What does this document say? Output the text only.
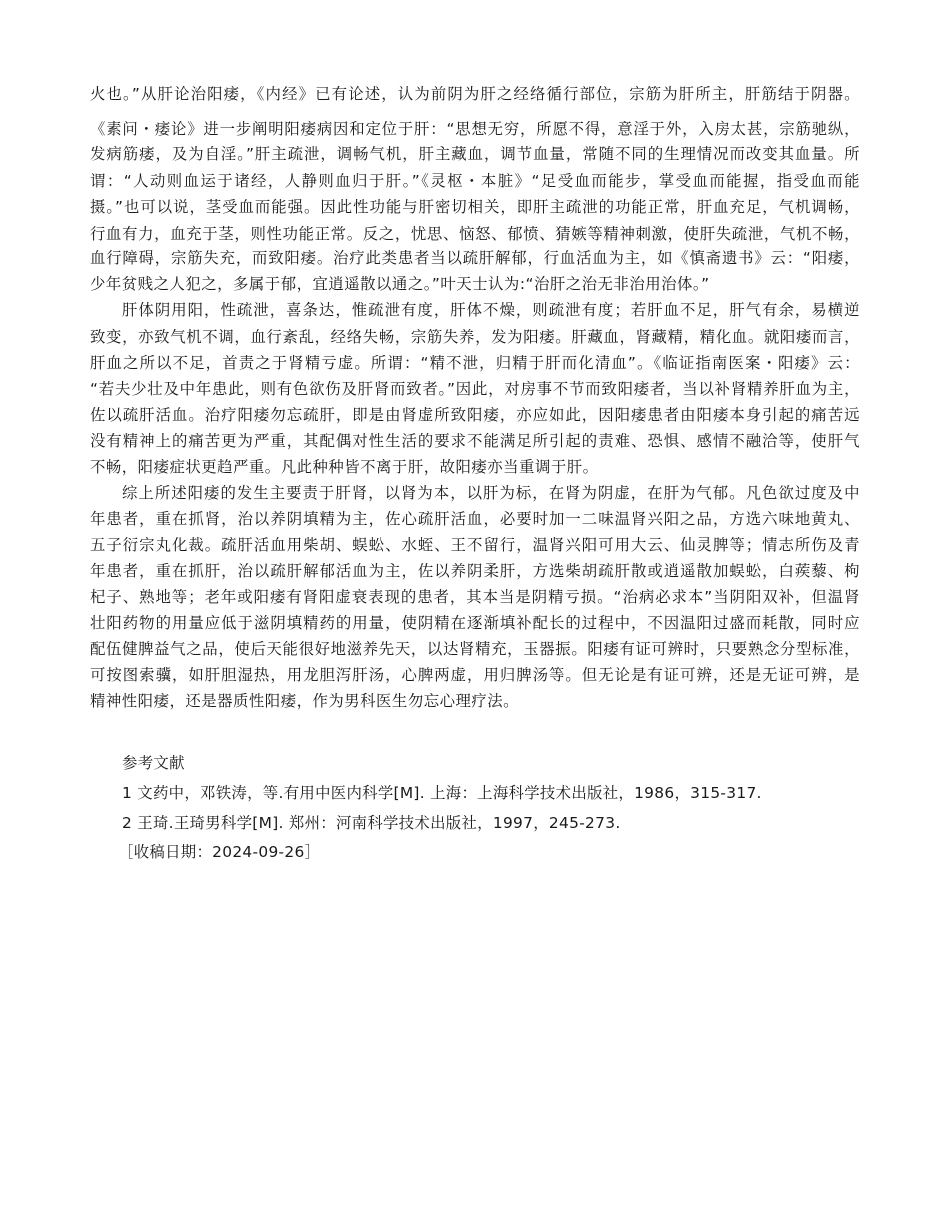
火也。”从肝论治阳痿，《内经》已有论述，认为前阴为肝之经络循行部位，宗筋为肝所主，肝筋结于阴器。
《素问・痿论》进一步阐明阳痿病因和定位于肝：“思想无穷，所愿不得，意淫于外，入房太甚，宗筋驰纵，
发病筋痿，及为自淫。”肝主疏泄，调畅气机，肝主藏血，调节血量，常随不同的生理情况而改变其血量。所
谓：“人动则血运于诸经，人静则血归于肝。”《灵枢・本脏》“足受血而能步，掌受血而能握，指受血而能
摄。”也可以说，茎受血而能强。因此性功能与肝密切相关，即肝主疏泄的功能正常，肝血充足，气机调畅，
行血有力，血充于茎，则性功能正常。反之，忧思、恼怒、郁愤、猜嫉等精神刺激，使肝失疏泄，气机不畅，
血行障碍，宗筋失充，而致阳痿。治疗此类患者当以疏肝解郁，行血活血为主，如《慎斋遗书》云：“阳痿，
少年贫贱之人犯之，多属于郁，宜逍遥散以通之。”叶天士认为:“治肝之治无非治用治体。”
肝体阴用阳，性疏泄，喜条达，惟疏泄有度，肝体不燥，则疏泄有度；若肝血不足，肝气有余，易横逆
致变，亦致气机不调，血行紊乱，经络失畅，宗筋失养，发为阳痿。肝藏血，肾藏精，精化血。就阳痿而言，
肝血之所以不足，首责之于肾精亏虚。所谓：“精不泄，归精于肝而化清血”。《临证指南医案・阳痿》云：
“若夫少壮及中年患此，则有色欲伤及肝肾而致者。”因此，对房事不节而致阳痿者，当以补肾精养肝血为主，
佐以疏肝活血。治疗阳痿勿忘疏肝，即是由肾虚所致阳痿，亦应如此，因阳痿患者由阳痿本身引起的痛苦远
没有精神上的痛苦更为严重，其配偶对性生活的要求不能满足所引起的责难、恐惧、感情不融洽等，使肝气
不畅，阳痿症状更趋严重。凡此种种皆不离于肝，故阳痿亦当重调于肝。
综上所述阳痿的发生主要责于肝肾，以肾为本，以肝为标，在肾为阴虚，在肝为气郁。凡色欲过度及中
年患者，重在抓肾，治以养阴填精为主，佐心疏肝活血，必要时加一二味温肾兴阳之品，方选六味地黄丸、
五子衍宗丸化裁。疏肝活血用柴胡、蜈蚣、水蛭、王不留行，温肾兴阳可用大云、仙灵脾等；情志所伤及青
年患者，重在抓肝，治以疏肝解郁活血为主，佐以养阴柔肝，方选柴胡疏肝散或逍遥散加蜈蚣，白蒺藜、枸
杞子、熟地等；老年或阳痿有肾阳虚衰表现的患者，其本当是阴精亏损。“治病必求本”当阴阳双补，但温肾
壮阳药物的用量应低于滋阴填精药的用量，使阴精在逐渐填补配长的过程中，不因温阳过盛而耗散，同时应
配伍健脾益气之品，使后天能很好地滋养先天，以达肾精充，玉器振。阳痿有证可辨时，只要熟念分型标准，
可按图索骥，如肝胆湿热，用龙胆泻肝汤，心脾两虚，用归脾汤等。但无论是有证可辨，还是无证可辨，是
精神性阳痿，还是器质性阳痿，作为男科医生勿忘心理疗法。
参考文献
1 文药中，邓铁涛，等.有用中医内科学[M]. 上海：上海科学技术出版社，1986，315-317.
2 王琦.王琦男科学[M]. 郑州：河南科学技术出版社，1997，245-273.
［收稿日期：2024-09-26］
